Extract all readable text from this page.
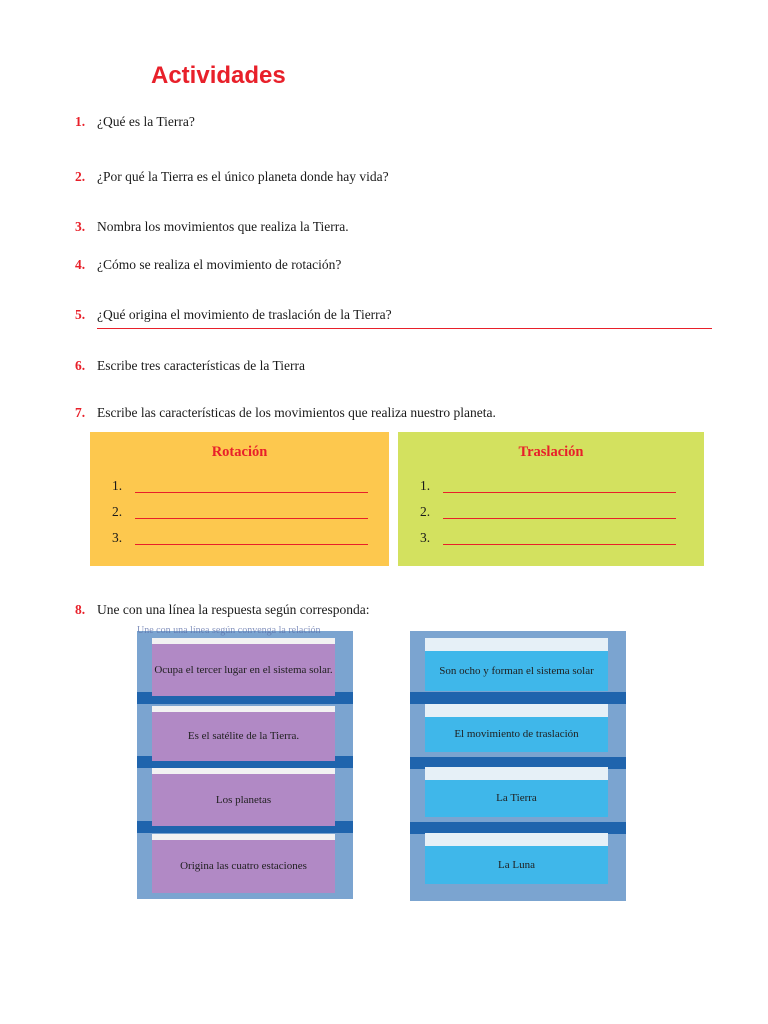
Actividades
1. ¿Qué es la Tierra?
2. ¿Por qué la Tierra es el único planeta donde hay vida?
3. Nombra los movimientos que realiza la Tierra.
4. ¿Cómo se realiza el movimiento de rotación?
5. ¿Qué origina el movimiento de traslación de la Tierra?
6. Escribe tres características de la Tierra
7. Escribe las características de los movimientos que realiza nuestro planeta.
Rotación
1.
2.
3.
Traslación
1.
2.
3.
8. Une con una línea la respuesta según corresponda:
Une con una línea según convenga la relación
Ocupa el tercer lugar en el sistema solar.
Es el satélite de la Tierra.
Los planetas
Origina las cuatro estaciones
Son ocho y forman el sistema solar
El movimiento de traslación
La Tierra
La Luna
